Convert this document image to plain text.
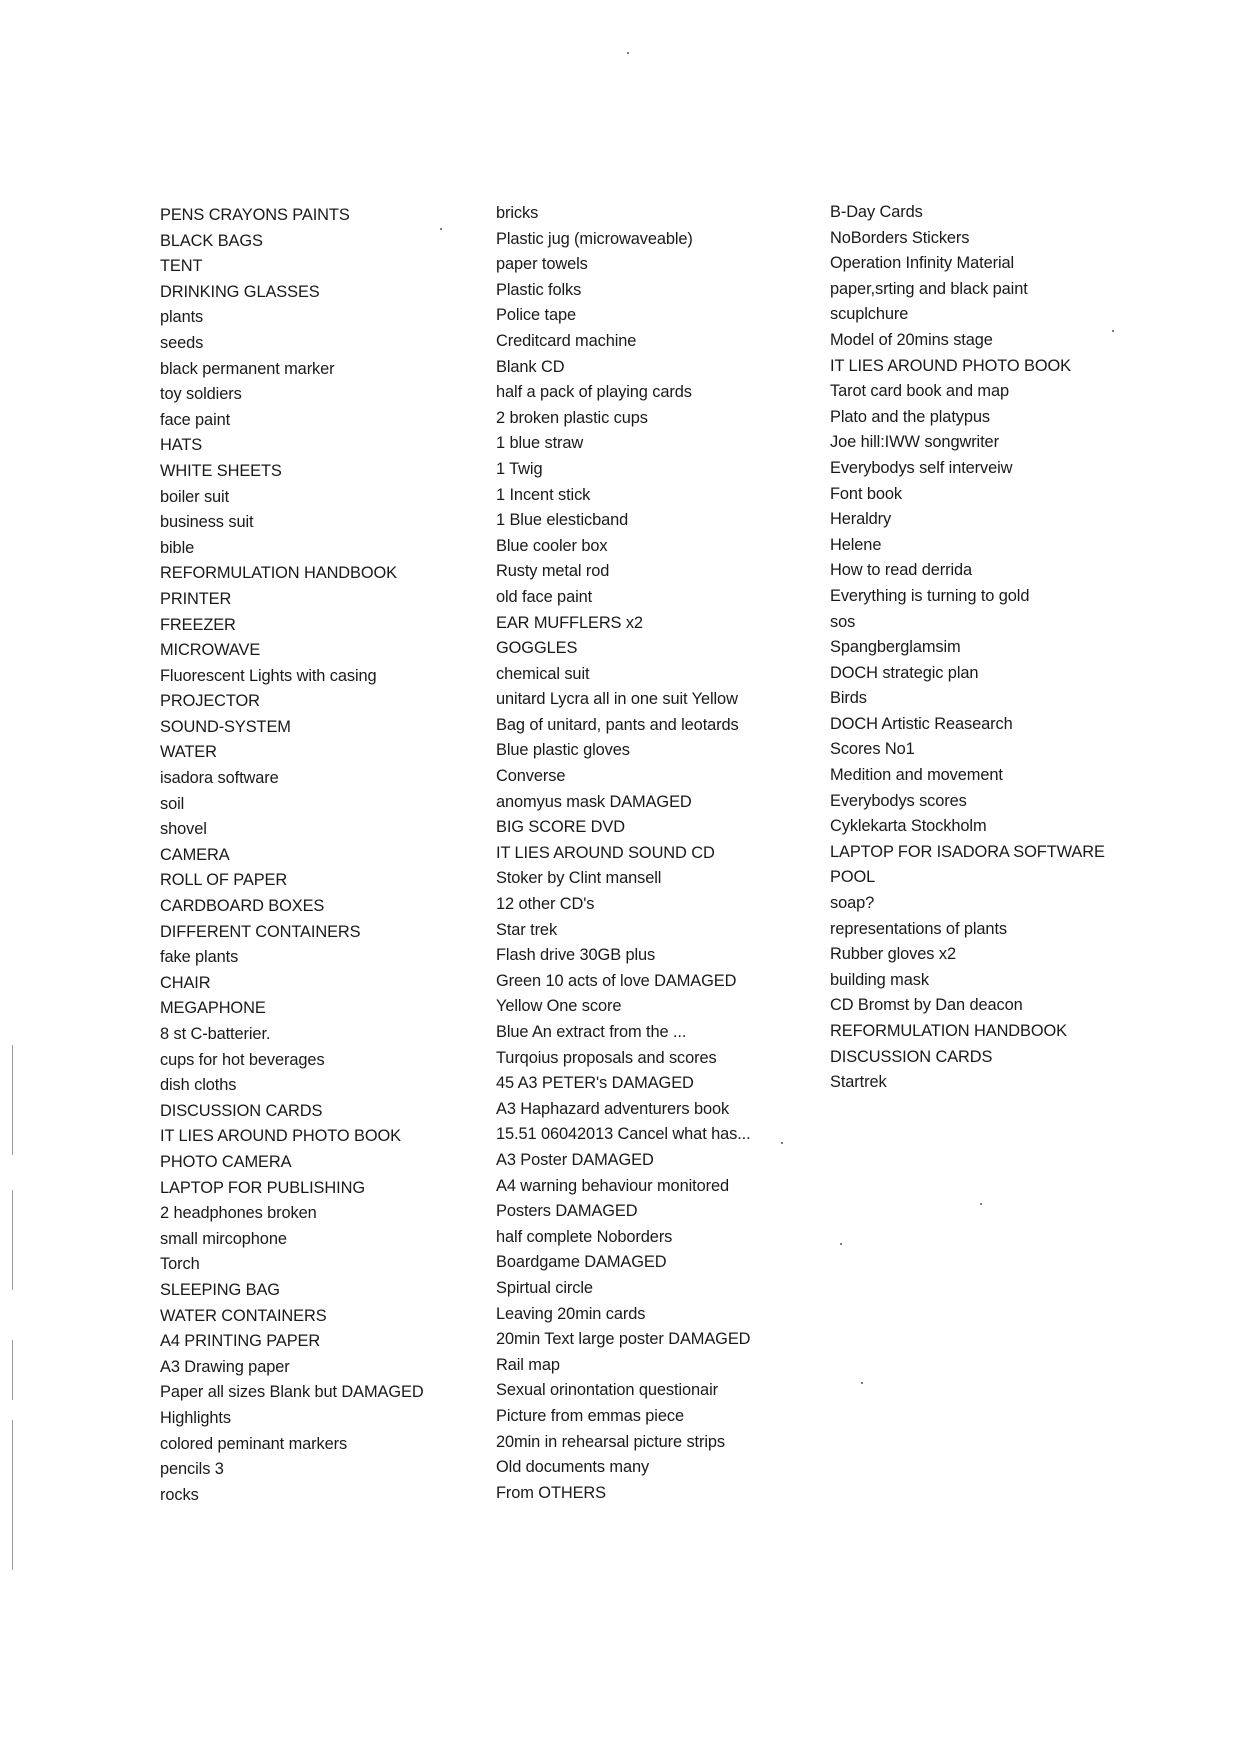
PENS CRAYONS PAINTS
BLACK BAGS
TENT
DRINKING GLASSES
plants
seeds
black permanent marker
toy soldiers
face paint
HATS
WHITE SHEETS
boiler suit
business suit
bible
REFORMULATION HANDBOOK
PRINTER
FREEZER
MICROWAVE
Fluorescent Lights with casing
PROJECTOR
SOUND-SYSTEM
WATER
isadora software
soil
shovel
CAMERA
ROLL OF PAPER
CARDBOARD BOXES
DIFFERENT CONTAINERS
fake plants
CHAIR
MEGAPHONE
8 st C-batterier.
cups for hot beverages
dish cloths
DISCUSSION CARDS
IT LIES AROUND PHOTO BOOK
PHOTO CAMERA
LAPTOP FOR PUBLISHING
2 headphones broken
small mircophone
Torch
SLEEPING BAG
WATER CONTAINERS
A4 PRINTING PAPER
A3 Drawing paper
Paper all sizes Blank but DAMAGED
Highlights
colored peminant markers
pencils 3
rocks
bricks
Plastic jug (microwaveable)
paper towels
Plastic folks
Police tape
Creditcard machine
Blank CD
half a pack of playing cards
2 broken plastic cups
1 blue straw
1 Twig
1 Incent stick
1 Blue elesticband
Blue cooler box
Rusty metal rod
old face paint
EAR MUFFLERS x2
GOGGLES
chemical suit
unitard Lycra all in one suit Yellow
Bag of unitard, pants and leotards
Blue plastic gloves
Converse
anomyus mask DAMAGED
BIG SCORE DVD
IT LIES AROUND SOUND CD
Stoker by Clint mansell
12 other CD's
Star trek
Flash drive 30GB plus
Green 10 acts of love DAMAGED
Yellow One score
Blue An extract from the ...
Turqoius proposals and scores
45 A3 PETER's DAMAGED
A3 Haphazard adventurers book
15.51 06042013 Cancel what has...
A3 Poster DAMAGED
A4 warning behaviour monitored
Posters DAMAGED
half complete Noborders
Boardgame DAMAGED
Spirtual circle
Leaving 20min cards
20min Text large poster DAMAGED
Rail map
Sexual orinontation questionair
Picture from emmas piece
20min in rehearsal picture strips
Old documents many
From OTHERS
B-Day Cards
NoBorders Stickers
Operation Infinity Material
paper,srting and black paint
scuplchure
Model of 20mins stage
IT LIES AROUND PHOTO BOOK
Tarot card book and map
Plato and the platypus
Joe hill:IWW songwriter
Everybodys self interveiw
Font book
Heraldry
Helene
How to read derrida
Everything is turning to gold
sos
Spangberglamsim
DOCH strategic plan
Birds
DOCH Artistic Reasearch
Scores No1
Medition and movement
Everybodys scores
Cyklekarta Stockholm
LAPTOP FOR ISADORA SOFTWARE
POOL
soap?
representations of plants
Rubber gloves x2
building mask
CD Bromst by Dan deacon
REFORMULATION HANDBOOK
DISCUSSION CARDS
Startrek
